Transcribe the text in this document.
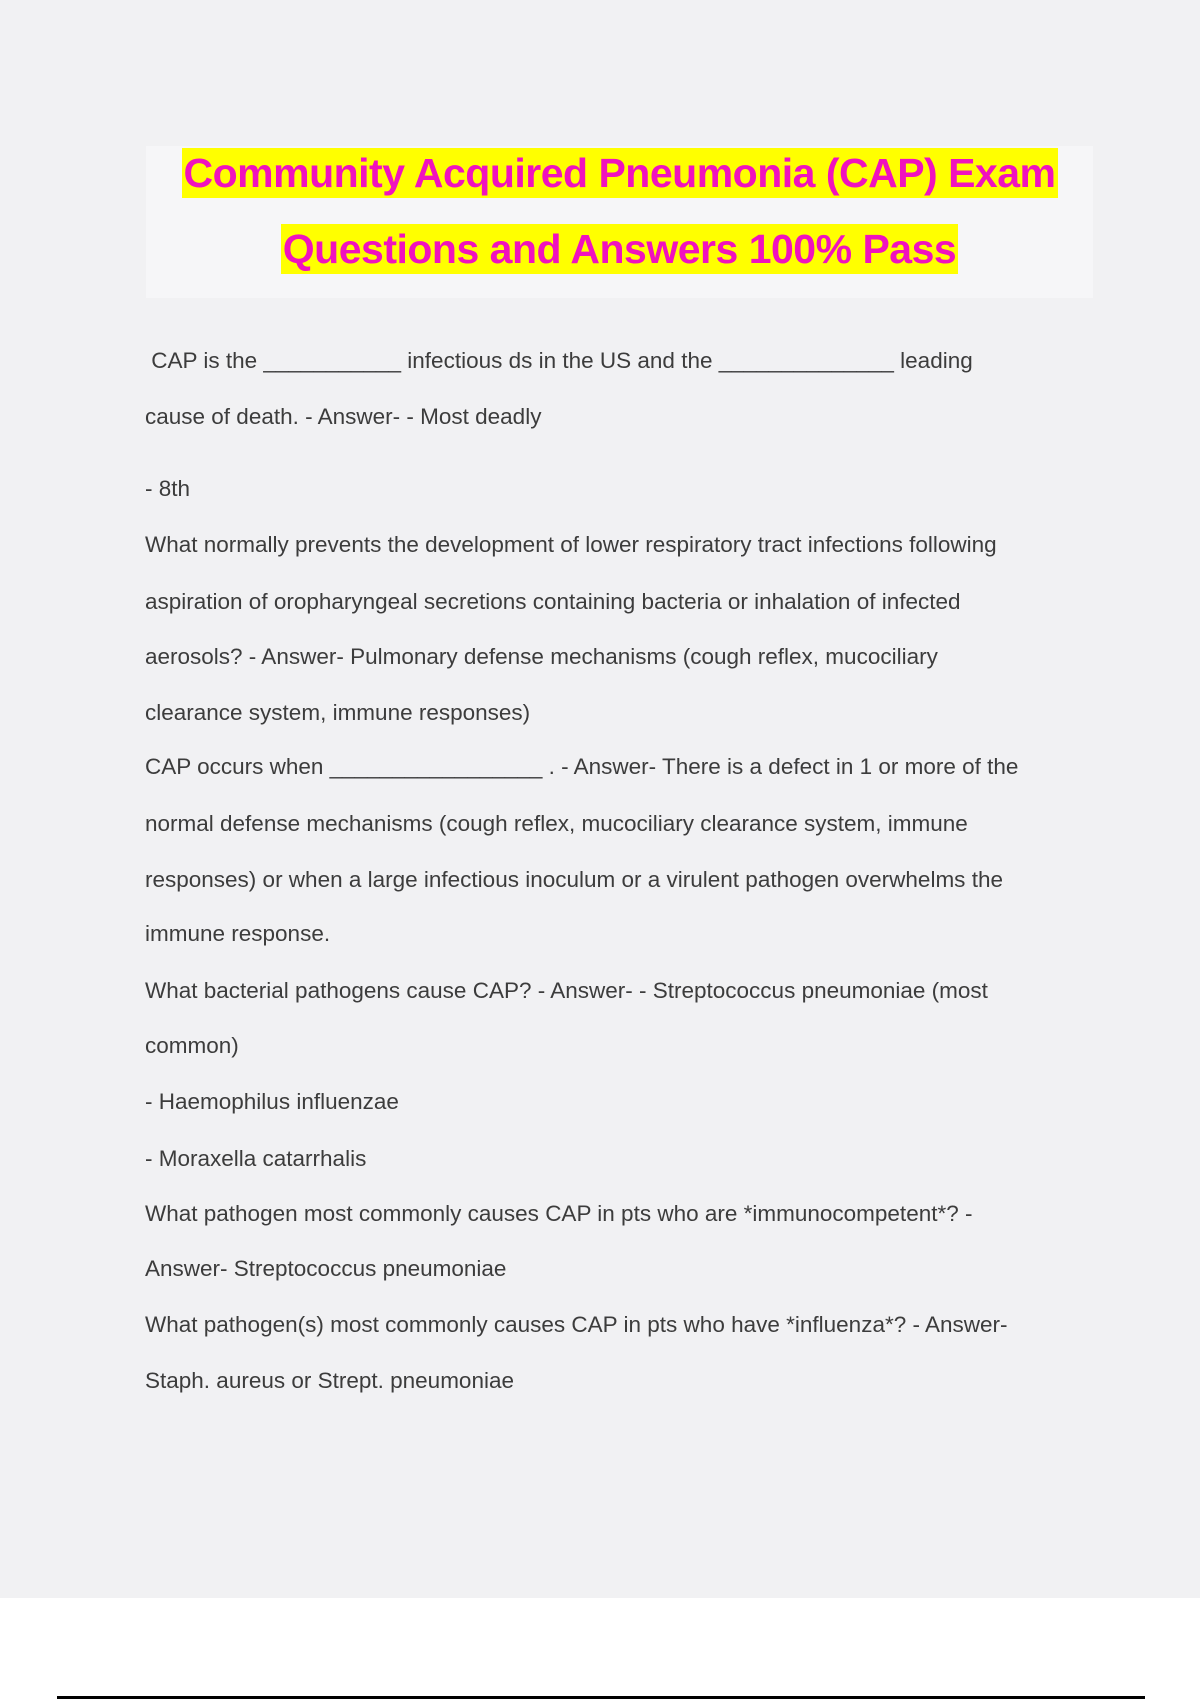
Community Acquired Pneumonia (CAP) Exam
Questions and Answers 100% Pass
CAP is the ___________ infectious ds in the US and the ______________ leading
cause of death. - Answer- - Most deadly
- 8th
What normally prevents the development of lower respiratory tract infections following
aspiration of oropharyngeal secretions containing bacteria or inhalation of infected
aerosols? - Answer- Pulmonary defense mechanisms (cough reflex, mucociliary
clearance system, immune responses)
CAP occurs when _________________ . - Answer- There is a defect in 1 or more of the
normal defense mechanisms (cough reflex, mucociliary clearance system, immune
responses) or when a large infectious inoculum or a virulent pathogen overwhelms the
immune response.
What bacterial pathogens cause CAP? - Answer- - Streptococcus pneumoniae (most
common)
- Haemophilus influenzae
- Moraxella catarrhalis
What pathogen most commonly causes CAP in pts who are *immunocompetent*? -
Answer- Streptococcus pneumoniae
What pathogen(s) most commonly causes CAP in pts who have *influenza*? - Answer-
Staph. aureus or Strept. pneumoniae
